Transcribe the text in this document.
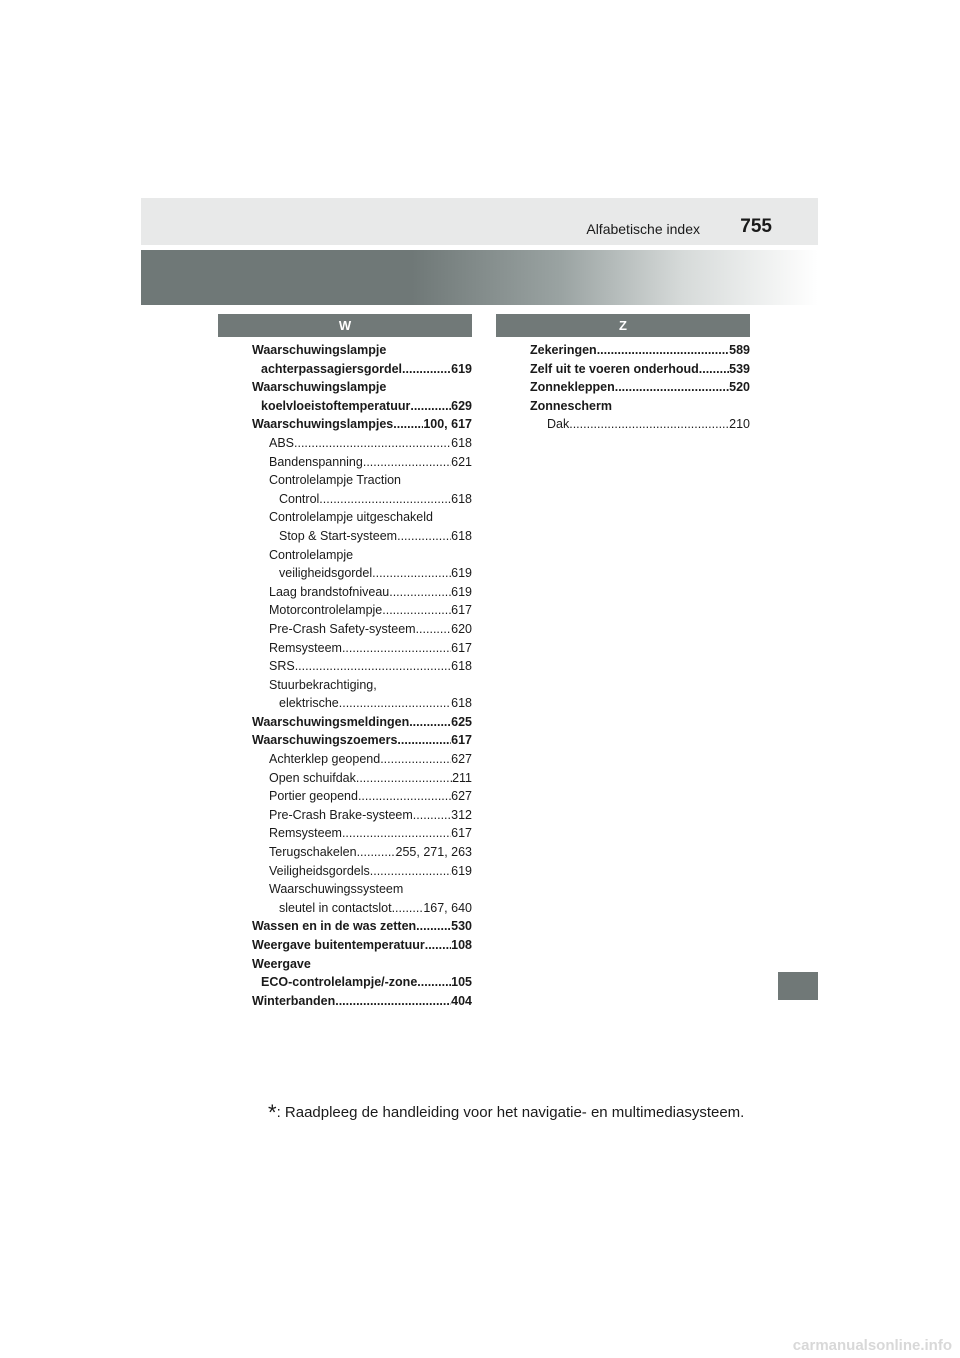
Alfabetische index 755
W
Waarschuwingslampje
achterpassagiersgordel .....	619
Waarschuwingslampje
koelvloeistoftemperatuur .....	629
Waarschuwingslampjes ..... 100, 617
ABS .....	618
Bandenspanning .....	621
Controlelampje Traction
Control .....	618
Controlelampje uitgeschakeld
Stop & Start-systeem .....	618
Controlelampje
veiligheidsgordel .....	619
Laag brandstofniveau .....	619
Motorcontrolelampje .....	617
Pre-Crash Safety-systeem .....	620
Remsysteem .....	617
SRS .....	618
Stuurbekrachtiging,
elektrische .....	618
Waarschuwingsmeldingen .....	625
Waarschuwingszoemers .....	617
Achterklep geopend .....	627
Open schuifdak .....	211
Portier geopend .....	627
Pre-Crash Brake-systeem .....	312
Remsysteem .....	617
Terugschakelen .....	255, 271, 263
Veiligheidsgordels .....	619
Waarschuwingssysteem
sleutel in contactslot .....	167, 640
Wassen en in de was zetten .....	530
Weergave buitentemperatuur ..... 108
Weergave
ECO-controlelampje/-zone .....	105
Winterbanden .....	404
Z
Zekeringen .....	589
Zelf uit te voeren onderhoud ..... 539
Zonnekleppen .....	520
Zonnescherm
Dak .....	210
*: Raadpleeg de handleiding voor het navigatie- en multimediasysteem.
carmanualsonline.info
